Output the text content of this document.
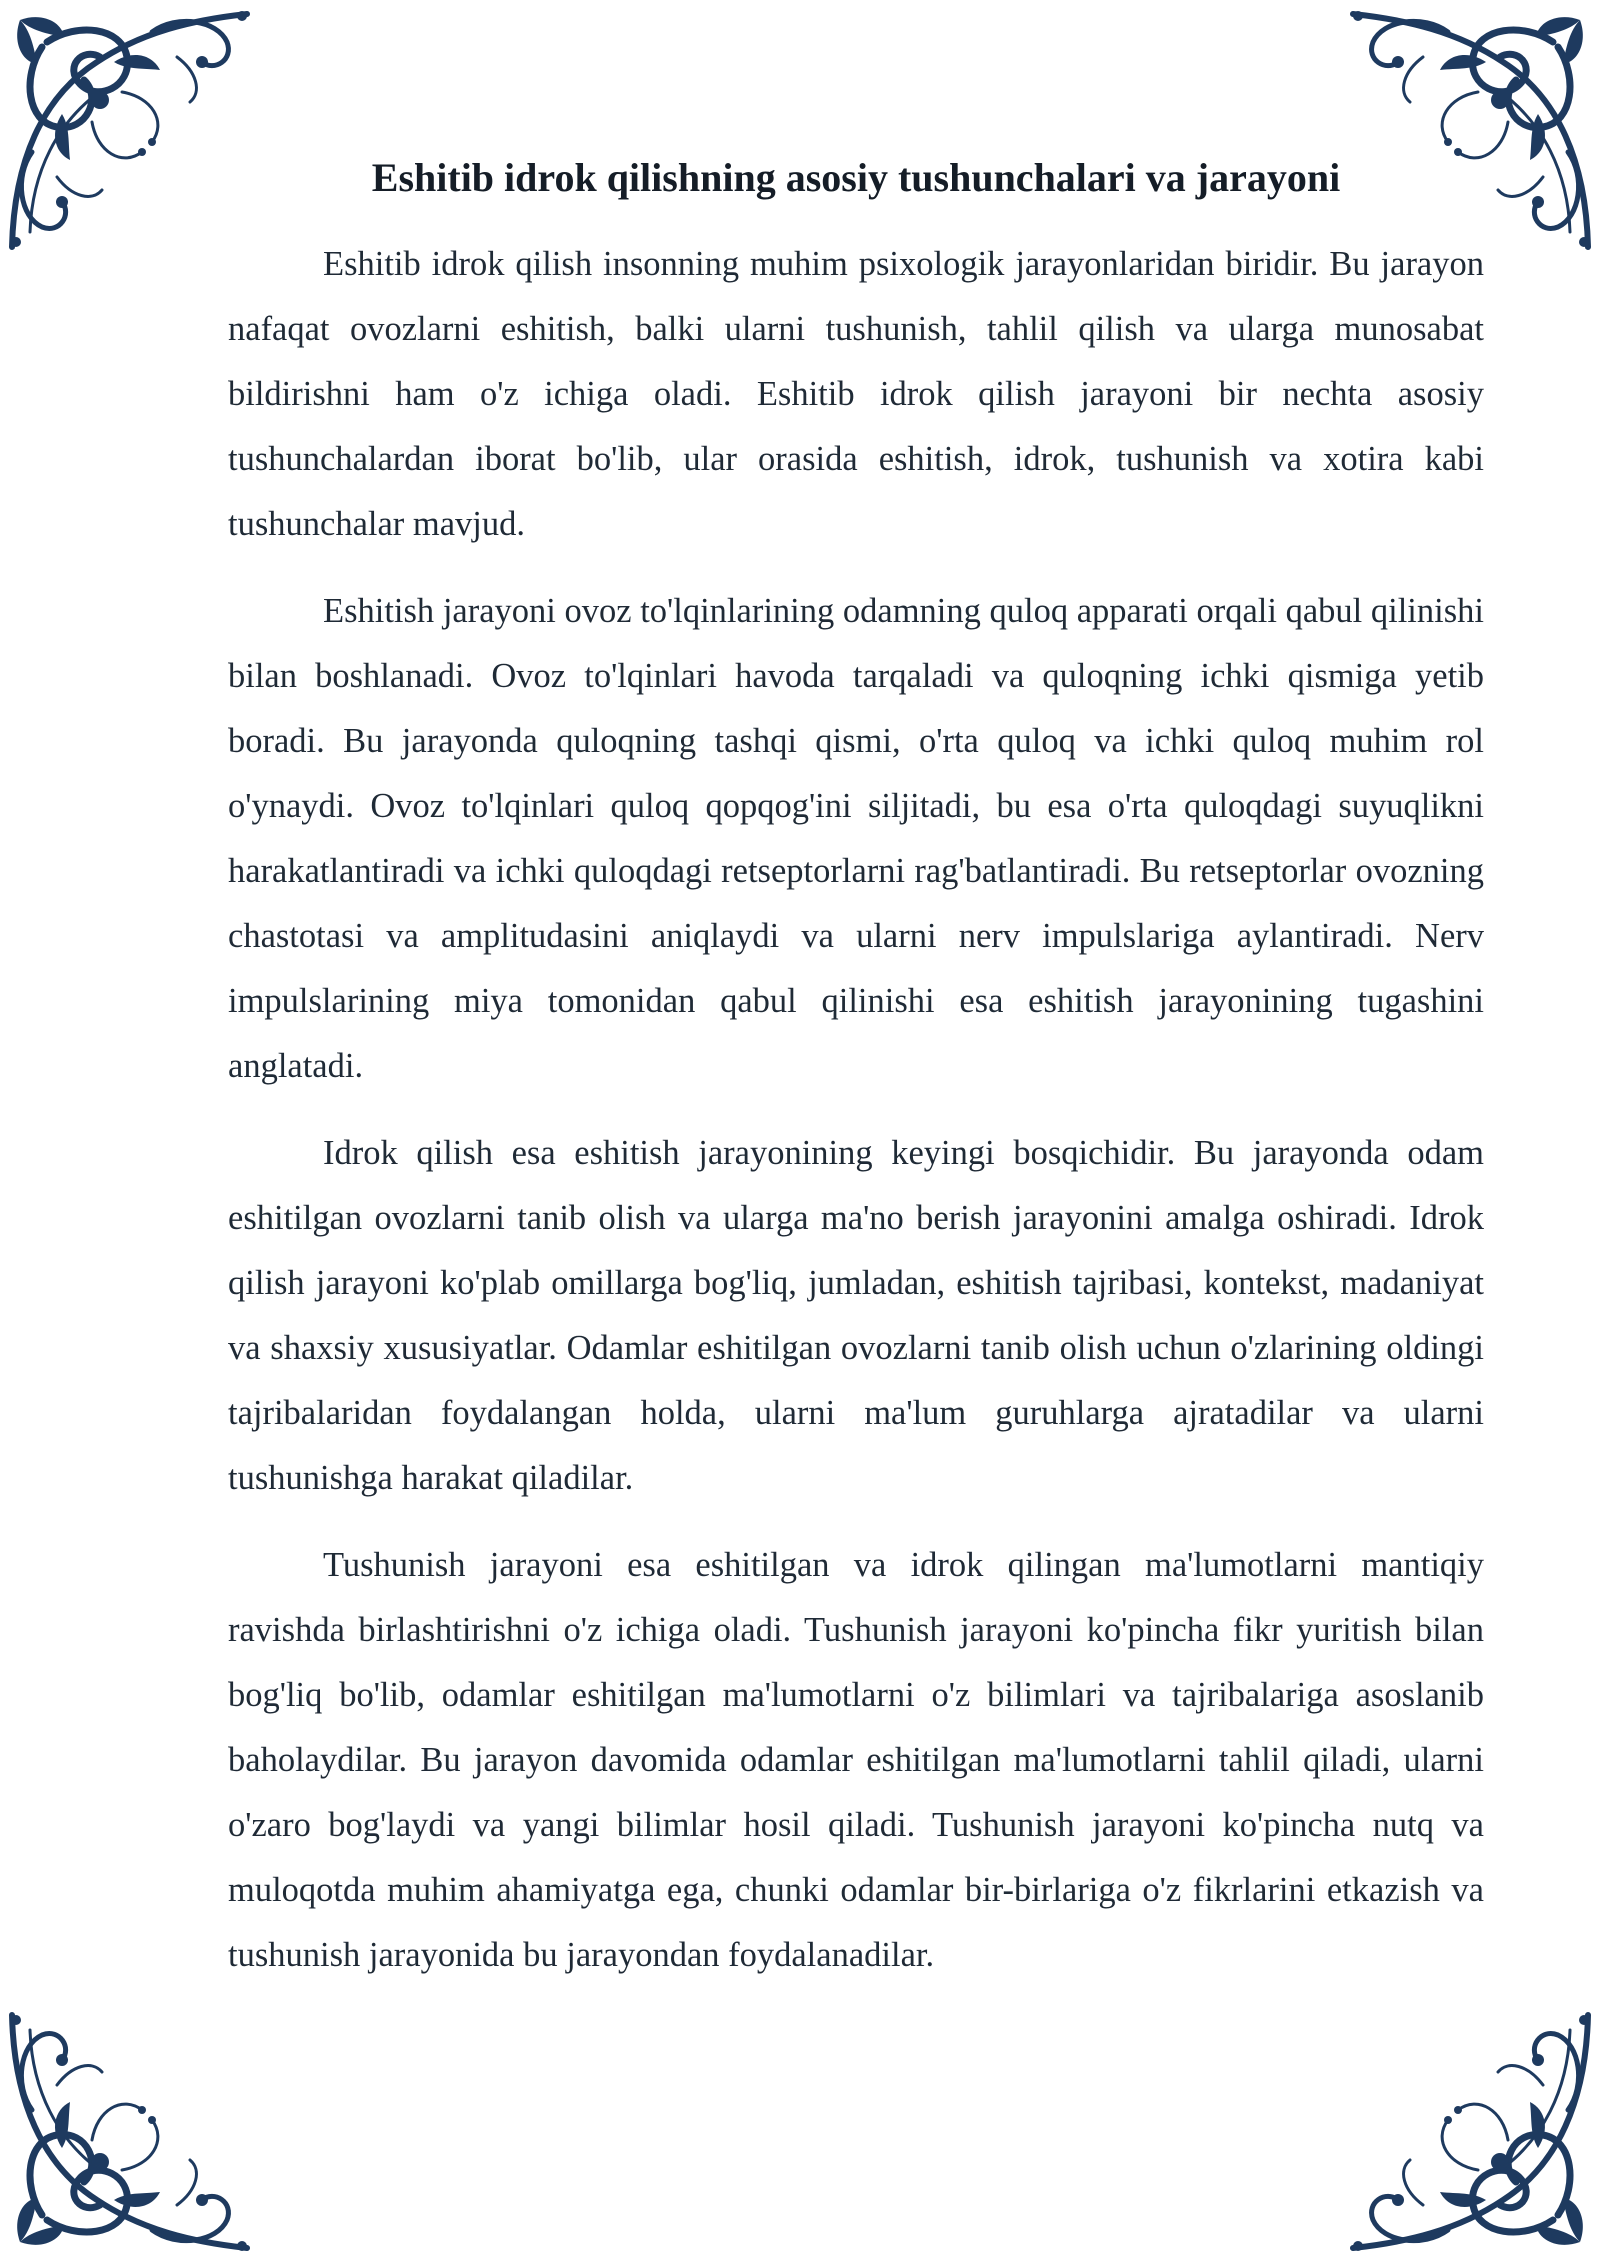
Eshitib idrok qilishning asosiy tushunchalari va jarayoni

Eshitib idrok qilish insonning muhim psixologik jarayonlaridan biridir. Bu jarayon nafaqat ovozlarni eshitish, balki ularni tushunish, tahlil qilish va ularga munosabat bildirishni ham o'z ichiga oladi. Eshitib idrok qilish jarayoni bir nechta asosiy tushunchalardan iborat bo'lib, ular orasida eshitish, idrok, tushunish va xotira kabi tushunchalar mavjud.

Eshitish jarayoni ovoz to'lqinlarining odamning quloq apparati orqali qabul qilinishi bilan boshlanadi. Ovoz to'lqinlari havoda tarqaladi va quloqning ichki qismiga yetib boradi. Bu jarayonda quloqning tashqi qismi, o'rta quloq va ichki quloq muhim rol o'ynaydi. Ovoz to'lqinlari quloq qopqog'ini siljitadi, bu esa o'rta quloqdagi suyuqlikni harakatlantiradi va ichki quloqdagi retseptorlarni rag'batlantiradi. Bu retseptorlar ovozning chastotasi va amplitudasini aniqlaydi va ularni nerv impulslariga aylantiradi. Nerv impulslarining miya tomonidan qabul qilinishi esa eshitish jarayonining tugashini anglatadi.

Idrok qilish esa eshitish jarayonining keyingi bosqichidir. Bu jarayonda odam eshitilgan ovozlarni tanib olish va ularga ma'no berish jarayonini amalga oshiradi. Idrok qilish jarayoni ko'plab omillarga bog'liq, jumladan, eshitish tajribasi, kontekst, madaniyat va shaxsiy xususiyatlar. Odamlar eshitilgan ovozlarni tanib olish uchun o'zlarining oldingi tajribalaridan foydalangan holda, ularni ma'lum guruhlarga ajratadilar va ularni tushunishga harakat qiladilar.

Tushunish jarayoni esa eshitilgan va idrok qilingan ma'lumotlarni mantiqiy ravishda birlashtirishni o'z ichiga oladi. Tushunish jarayoni ko'pincha fikr yuritish bilan bog'liq bo'lib, odamlar eshitilgan ma'lumotlarni o'z bilimlari va tajribalariga asoslanib baholaydilar. Bu jarayon davomida odamlar eshitilgan ma'lumotlarni tahlil qiladi, ularni o'zaro bog'laydi va yangi bilimlar hosil qiladi. Tushunish jarayoni ko'pincha nutq va muloqotda muhim ahamiyatga ega, chunki odamlar bir-birlariga o'z fikrlarini etkazish va tushunish jarayonida bu jarayondan foydalanadilar.
